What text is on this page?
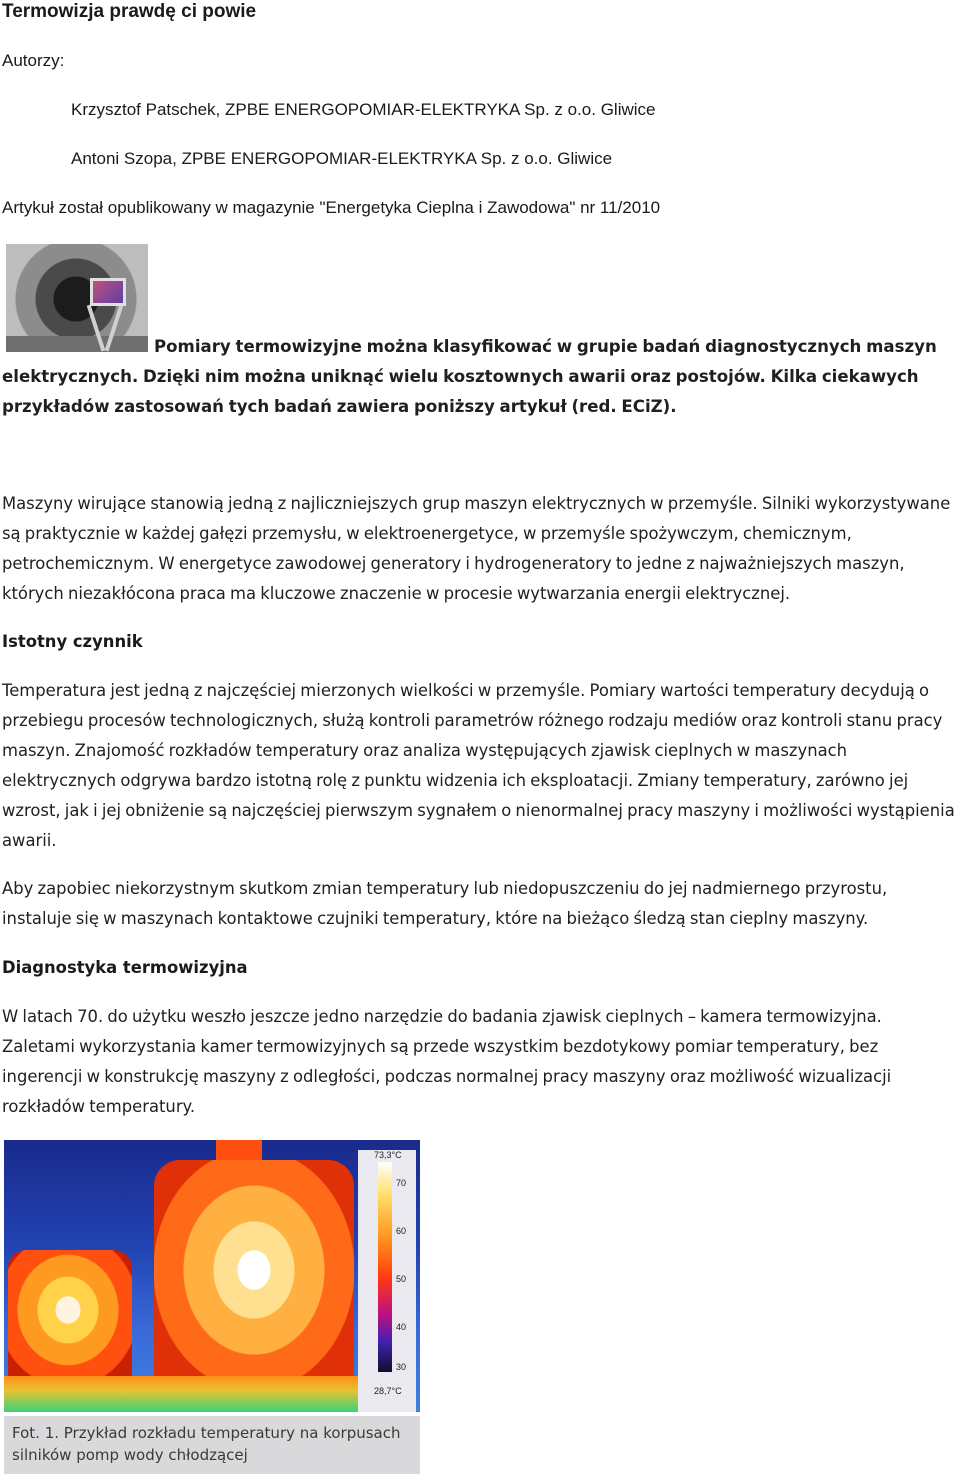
Termowizja prawdę ci powie
Autorzy:
Krzysztof Patschek, ZPBE ENERGOPOMIAR-ELEKTRYKA Sp. z o.o. Gliwice
Antoni Szopa, ZPBE ENERGOPOMIAR-ELEKTRYKA Sp. z o.o. Gliwice
Artykuł został opublikowany w magazynie "Energetyka Cieplna i Zawodowa" nr 11/2010
Pomiary termowizyjne można klasyfikować w grupie badań diagnostycznych maszyn elektrycznych. Dzięki nim można uniknąć wielu kosztownych awarii oraz postojów. Kilka ciekawych przykładów zastosowań tych badań zawiera poniższy artykuł (red. ECiZ).
Maszyny wirujące stanowią jedną z najliczniejszych grup maszyn elektrycznych w przemyśle. Silniki wykorzystywane są praktycznie w każdej gałęzi przemysłu, w elektroenergetyce, w przemyśle spożywczym, chemicznym, petrochemicznym. W energetyce zawodowej generatory i hydrogeneratory to jedne z najważniejszych maszyn, których niezakłócona praca ma kluczowe znaczenie w procesie wytwarzania energii elektrycznej.
Istotny czynnik
Temperatura jest jedną z najczęściej mierzonych wielkości w przemyśle. Pomiary wartości temperatury decydują o przebiegu procesów technologicznych, służą kontroli parametrów różnego rodzaju mediów oraz kontroli stanu pracy maszyn. Znajomość rozkładów temperatury oraz analiza występujących zjawisk cieplnych w maszynach elektrycznych odgrywa bardzo istotną rolę z punktu widzenia ich eksploatacji. Zmiany temperatury, zarówno jej wzrost, jak i jej obniżenie są najczęściej pierwszym sygnałem o nienormalnej pracy maszyny i możliwości wystąpienia awarii.
Aby zapobiec niekorzystnym skutkom zmian temperatury lub niedopuszczeniu do jej nadmiernego przyrostu, instaluje się w maszynach kontaktowe czujniki temperatury, które na bieżąco śledzą stan cieplny maszyny.
Diagnostyka termowizyjna
W latach 70. do użytku weszło jeszcze jedno narzędzie do badania zjawisk cieplnych – kamera termowizyjna. Zaletami wykorzystania kamer termowizyjnych są przede wszystkim bezdotykowy pomiar temperatury, bez ingerencji w konstrukcję maszyny z odległości, podczas normalnej pracy maszyny oraz możliwość wizualizacji rozkładów temperatury.
73,3°C
70
60
50
40
30
28,7°C
Fot. 1. Przykład rozkładu temperatury na korpusach silników pomp wody chłodzącej
